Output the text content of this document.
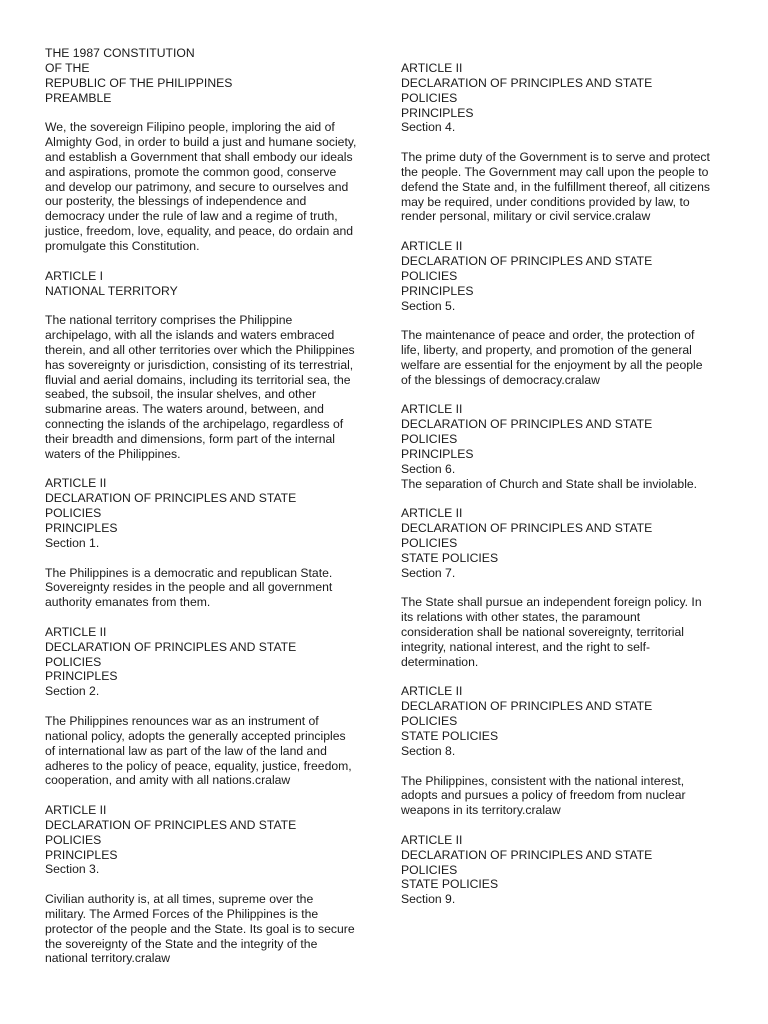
THE 1987 CONSTITUTION
OF THE
REPUBLIC OF THE PHILIPPINES
PREAMBLE
We, the sovereign Filipino people, imploring the aid of
Almighty God, in order to build a just and humane society,
and establish a Government that shall embody our ideals
and aspirations, promote the common good, conserve
and develop our patrimony, and secure to ourselves and
our posterity, the blessings of independence and
democracy under the rule of law and a regime of truth,
justice, freedom, love, equality, and peace, do ordain and
promulgate this Constitution.
ARTICLE I
NATIONAL TERRITORY
The national territory comprises the Philippine
archipelago, with all the islands and waters embraced
therein, and all other territories over which the Philippines
has sovereignty or jurisdiction, consisting of its terrestrial,
fluvial and aerial domains, including its territorial sea, the
seabed, the subsoil, the insular shelves, and other
submarine areas. The waters around, between, and
connecting the islands of the archipelago, regardless of
their breadth and dimensions, form part of the internal
waters of the Philippines.
ARTICLE II
DECLARATION OF PRINCIPLES AND STATE
POLICIES
PRINCIPLES
Section 1.
The Philippines is a democratic and republican State.
Sovereignty resides in the people and all government
authority emanates from them.
ARTICLE II
DECLARATION OF PRINCIPLES AND STATE
POLICIES
PRINCIPLES
Section 2.
The Philippines renounces war as an instrument of
national policy, adopts the generally accepted principles
of international law as part of the law of the land and
adheres to the policy of peace, equality, justice, freedom,
cooperation, and amity with all nations.cralaw
ARTICLE II
DECLARATION OF PRINCIPLES AND STATE
POLICIES
PRINCIPLES
Section 3.
Civilian authority is, at all times, supreme over the
military. The Armed Forces of the Philippines is the
protector of the people and the State. Its goal is to secure
the sovereignty of the State and the integrity of the
national territory.cralaw
ARTICLE II
DECLARATION OF PRINCIPLES AND STATE
POLICIES
PRINCIPLES
Section 4.
The prime duty of the Government is to serve and protect
the people. The Government may call upon the people to
defend the State and, in the fulfillment thereof, all citizens
may be required, under conditions provided by law, to
render personal, military or civil service.cralaw
ARTICLE II
DECLARATION OF PRINCIPLES AND STATE
POLICIES
PRINCIPLES
Section 5.
The maintenance of peace and order, the protection of
life, liberty, and property, and promotion of the general
welfare are essential for the enjoyment by all the people
of the blessings of democracy.cralaw
ARTICLE II
DECLARATION OF PRINCIPLES AND STATE
POLICIES
PRINCIPLES
Section 6.
The separation of Church and State shall be inviolable.
ARTICLE II
DECLARATION OF PRINCIPLES AND STATE
POLICIES
STATE POLICIES
Section 7.
The State shall pursue an independent foreign policy. In
its relations with other states, the paramount
consideration shall be national sovereignty, territorial
integrity, national interest, and the right to self-
determination.
ARTICLE II
DECLARATION OF PRINCIPLES AND STATE
POLICIES
STATE POLICIES
Section 8.
The Philippines, consistent with the national interest,
adopts and pursues a policy of freedom from nuclear
weapons in its territory.cralaw
ARTICLE II
DECLARATION OF PRINCIPLES AND STATE
POLICIES
STATE POLICIES
Section 9.
